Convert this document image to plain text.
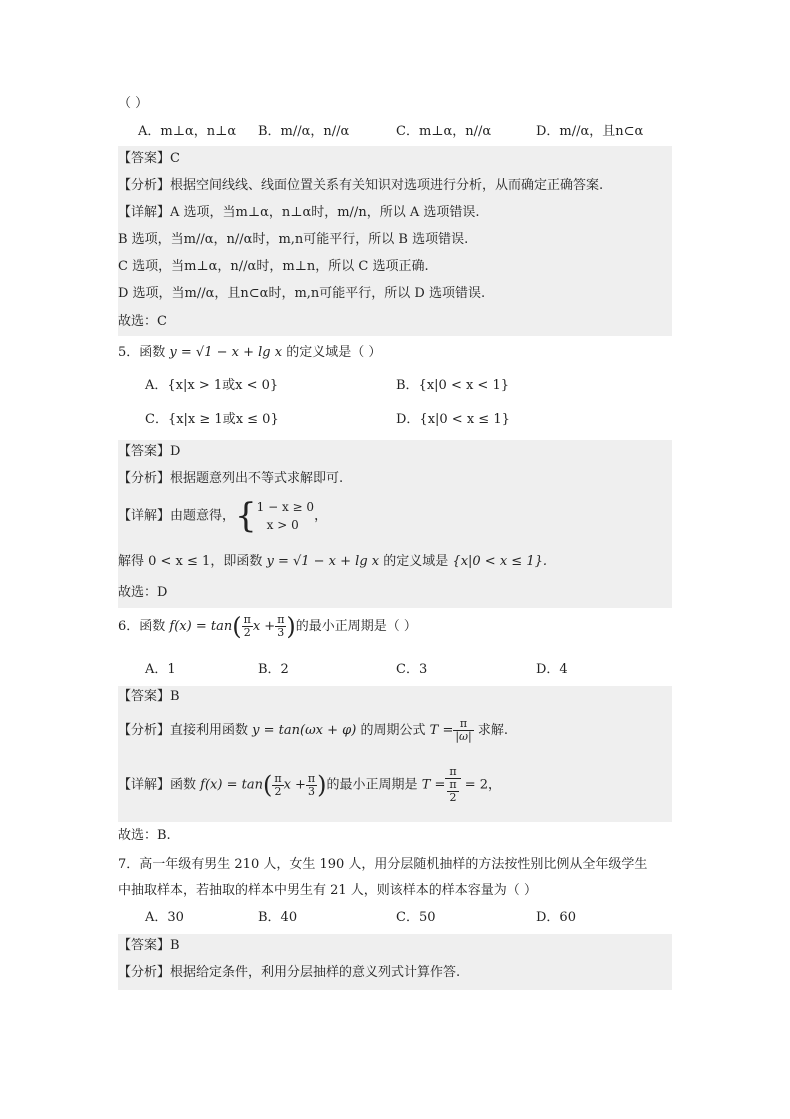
（ ）
A．m⊥α，n⊥α B．m//α，n//α	C．m⊥α，n//α	D．m//α，且n⊂α
【答案】C
【分析】根据空间线线、线面位置关系有关知识对选项进行分析，从而确定正确答案.
【详解】A 选项，当m⊥α，n⊥α时，m//n，所以 A 选项错误.
B 选项，当m//α，n//α时，m,n可能平行，所以 B 选项错误.
C 选项，当m⊥α，n//α时，m⊥n，所以 C 选项正确.
D 选项，当m//α，且n⊂α时，m,n可能平行，所以 D 选项错误.
故选：C
5．函数 y = √1 − x + lg x 的定义域是（ ）
A．{x|x > 1或x < 0}	B．{x|0 < x < 1}
C．{x|x ≥ 1或x ≤ 0}	D．{x|0 < x ≤ 1}
【答案】D
【分析】根据题意列出不等式求解即可.
【详解】由题意得，{ 1 − x ≥ 0
x > 0
，
解得 0 < x ≤ 1，即函数 y = √1 − x + lg x 的定义域是 {x|0 < x ≤ 1}.
故选：D
6．函数 $f(x) = \tan( \frac{\pi}{2}$ $x + \frac{\pi}{3}$ )的最小正周期是（ ）
A．1	B．2	C．3	D．4
【答案】B
【分析】直接利用函数 y = tan(ωx + φ) 的周期公式 $T = \frac{\pi}{|\omega|}$ 求解.
【详解】函数 $f(x) = \tan( \frac{\pi}{2}$ $x + \frac{\pi}{3}$ )的最小正周期是 $T = \frac{\pi}{\frac{\pi}{2}} = 2$，
故选：B.
7．高一年级有男生 210 人，女生 190 人，用分层随机抽样的方法按性别比例从全年级学生
中抽取样本，若抽取的样本中男生有 21 人，则该样本的样本容量为（ ）
A．30	B．40	C．50	D．60
【答案】B
【分析】根据给定条件，利用分层抽样的意义列式计算作答.
